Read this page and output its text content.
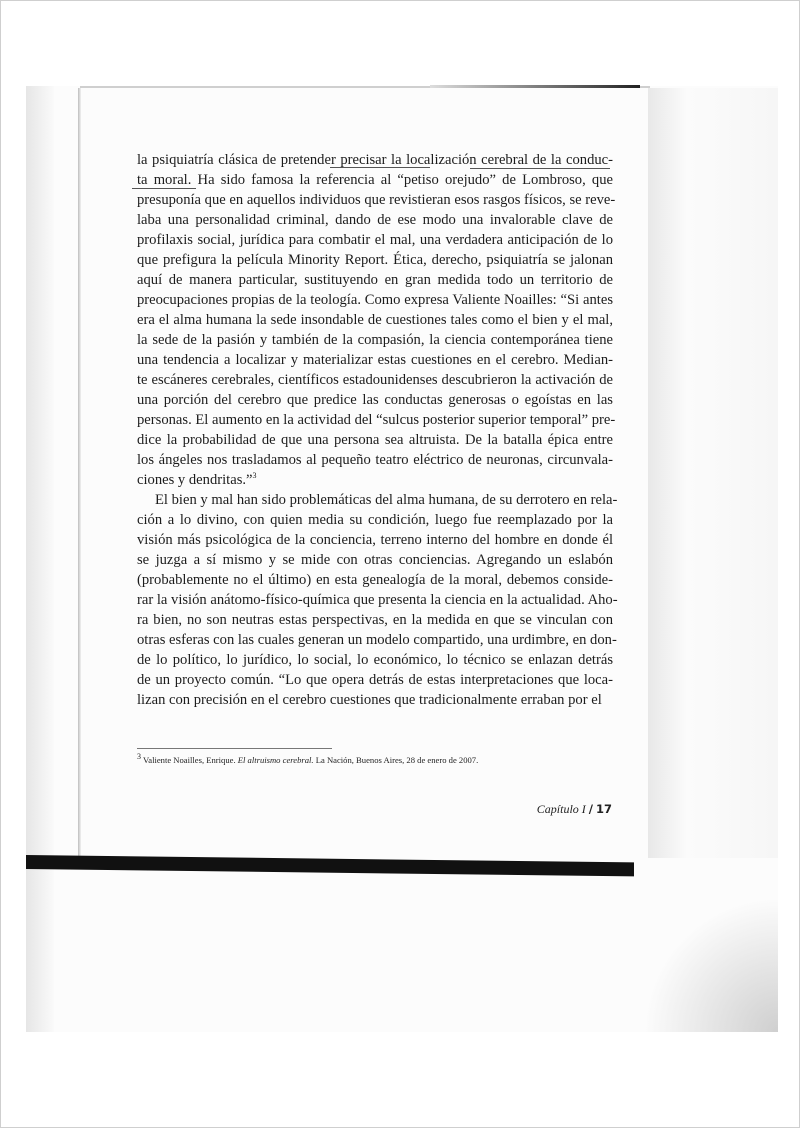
la psiquiatría clásica de pretender precisar la localización cerebral de la conduc-
ta moral. Ha sido famosa la referencia al “petiso orejudo” de Lombroso, que
presuponía que en aquellos individuos que revistieran esos rasgos físicos, se reve-
laba una personalidad criminal, dando de ese modo una invalorable clave de
profilaxis social, jurídica para combatir el mal, una verdadera anticipación de lo
que prefigura la película Minority Report. Ética, derecho, psiquiatría se jalonan
aquí de manera particular, sustituyendo en gran medida todo un territorio de
preocupaciones propias de la teología. Como expresa Valiente Noailles: “Si antes
era el alma humana la sede insondable de cuestiones tales como el bien y el mal,
la sede de la pasión y también de la compasión, la ciencia contemporánea tiene
una tendencia a localizar y materializar estas cuestiones en el cerebro. Median-
te escáneres cerebrales, científicos estadounidenses descubrieron la activación de
una porción del cerebro que predice las conductas generosas o egoístas en las
personas. El aumento en la actividad del “sulcus posterior superior temporal” pre-
dice la probabilidad de que una persona sea altruista. De la batalla épica entre
los ángeles nos trasladamos al pequeño teatro eléctrico de neuronas, circunvala-
ciones y dendritas.”$^3$
El bien y mal han sido problemáticas del alma humana, de su derrotero en rela-
ción a lo divino, con quien media su condición, luego fue reemplazado por la
visión más psicológica de la conciencia, terreno interno del hombre en donde él
se juzga a sí mismo y se mide con otras conciencias. Agregando un eslabón
(probablemente no el último) en esta genealogía de la moral, debemos conside-
rar la visión anátomo-físico-química que presenta la ciencia en la actualidad. Aho-
ra bien, no son neutras estas perspectivas, en la medida en que se vinculan con
otras esferas con las cuales generan un modelo compartido, una urdimbre, en don-
de lo político, lo jurídico, lo social, lo económico, lo técnico se enlazan detrás
de un proyecto común. “Lo que opera detrás de estas interpretaciones que loca-
lizan con precisión en el cerebro cuestiones que tradicionalmente erraban por el
$^3$ Valiente Noailles, Enrique. El altruismo cerebral. La Nación, Buenos Aires, 28 de enero de 2007.
Capítulo I / 17
